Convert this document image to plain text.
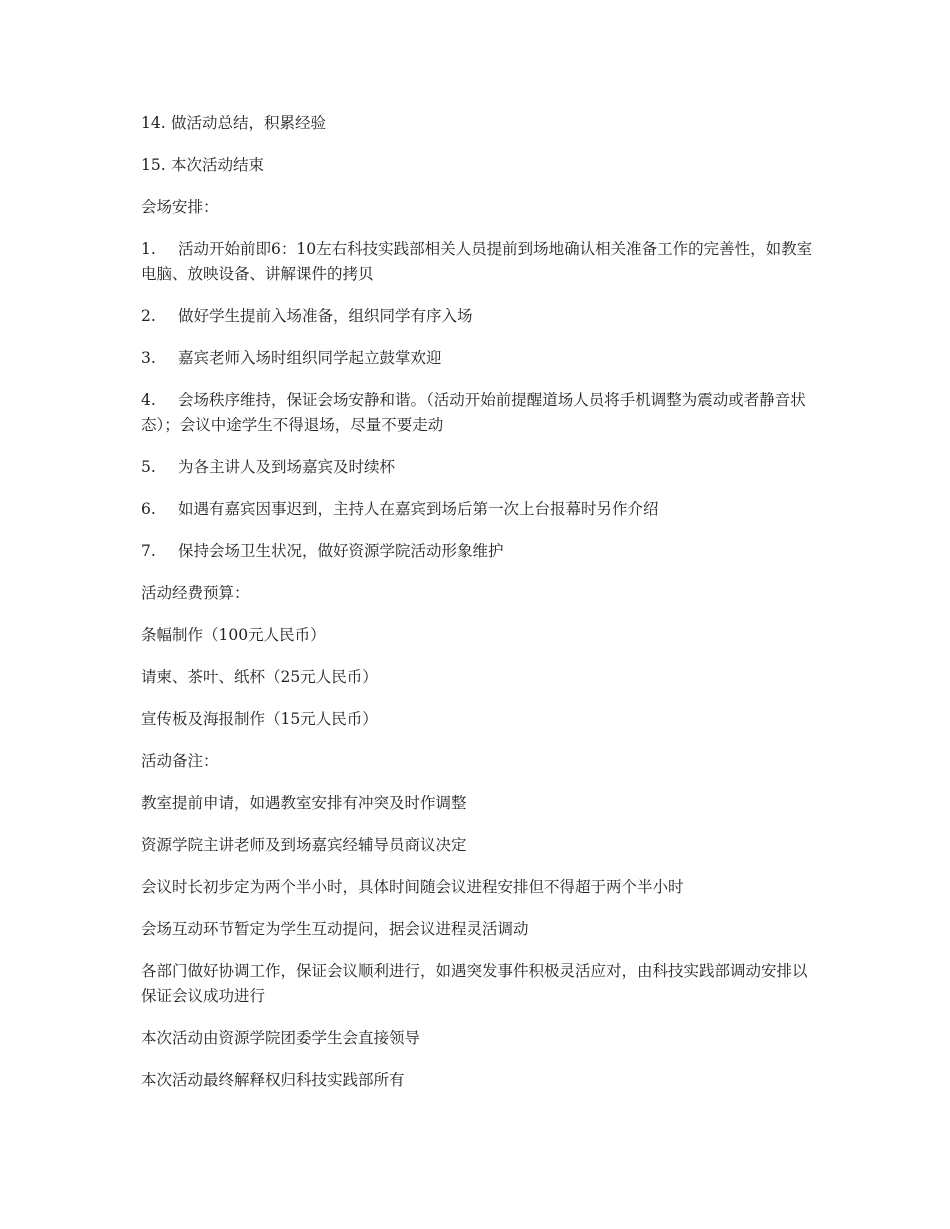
14. 做活动总结，积累经验

15. 本次活动结束

会场安排：

1. 活动开始前即6：10左右科技实践部相关人员提前到场地确认相关准备工作的完善性，如教室电脑、放映设备、讲解课件的拷贝

2. 做好学生提前入场准备，组织同学有序入场

3. 嘉宾老师入场时组织同学起立鼓掌欢迎

4. 会场秩序维持，保证会场安静和谐。（活动开始前提醒道场人员将手机调整为震动或者静音状态）；会议中途学生不得退场，尽量不要走动

5. 为各主讲人及到场嘉宾及时续杯

6. 如遇有嘉宾因事迟到，主持人在嘉宾到场后第一次上台报幕时另作介绍

7. 保持会场卫生状况，做好资源学院活动形象维护

活动经费预算：

条幅制作（100元人民币）

请柬、茶叶、纸杯（25元人民币）

宣传板及海报制作（15元人民币）

活动备注：

教室提前申请，如遇教室安排有冲突及时作调整

资源学院主讲老师及到场嘉宾经辅导员商议决定

会议时长初步定为两个半小时，具体时间随会议进程安排但不得超于两个半小时

会场互动环节暂定为学生互动提问，据会议进程灵活调动

各部门做好协调工作，保证会议顺利进行，如遇突发事件积极灵活应对，由科技实践部调动安排以保证会议成功进行

本次活动由资源学院团委学生会直接领导

本次活动最终解释权归科技实践部所有
